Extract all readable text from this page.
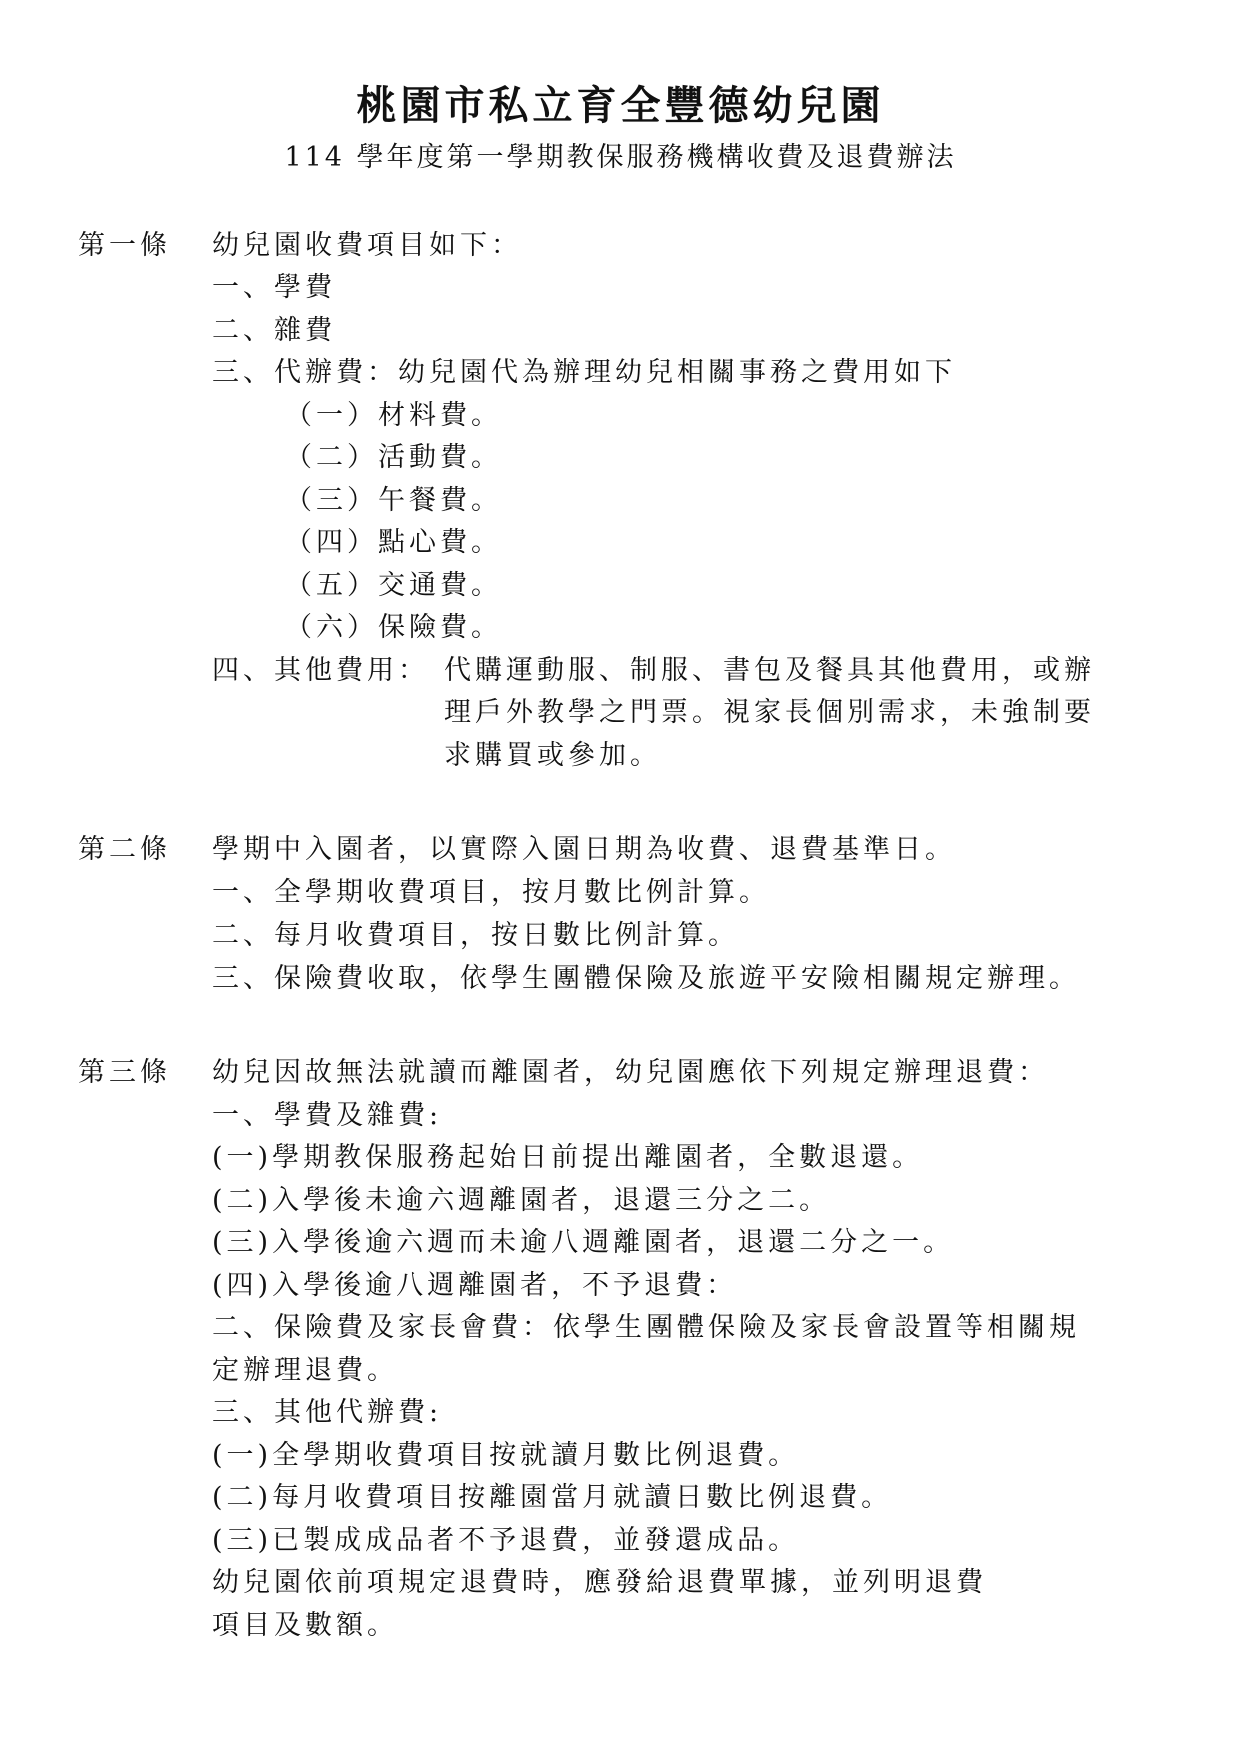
桃園市私立育全豐德幼兒園
114 學年度第一學期教保服務機構收費及退費辦法
第一條 幼兒園收費項目如下：
一、學費
二、雜費
三、代辦費：幼兒園代為辦理幼兒相關事務之費用如下
（一）材料費。
（二）活動費。
（三）午餐費。
（四）點心費。
（五）交通費。
（六）保險費。
四、其他費用： 代購運動服、制服、書包及餐具其他費用，或辦
理戶外教學之門票。視家長個別需求，未強制要
求購買或參加。
第二條 學期中入園者，以實際入園日期為收費、退費基準日。
一、全學期收費項目，按月數比例計算。
二、每月收費項目，按日數比例計算。
三、保險費收取，依學生團體保險及旅遊平安險相關規定辦理。
第三條 幼兒因故無法就讀而離園者，幼兒園應依下列規定辦理退費：
一、學費及雜費:
(一)學期教保服務起始日前提出離園者，全數退還。
(二)入學後未逾六週離園者，退還三分之二。
(三)入學後逾六週而未逾八週離園者，退還二分之一。
(四)入學後逾八週離園者，不予退費：
二、保險費及家長會費：依學生團體保險及家長會設置等相關規
定辦理退費。
三、其他代辦費:
(一)全學期收費項目按就讀月數比例退費。
(二)每月收費項目按離園當月就讀日數比例退費。
(三)已製成成品者不予退費，並發還成品。
幼兒園依前項規定退費時，應發給退費單據，並列明退費
項目及數額。
